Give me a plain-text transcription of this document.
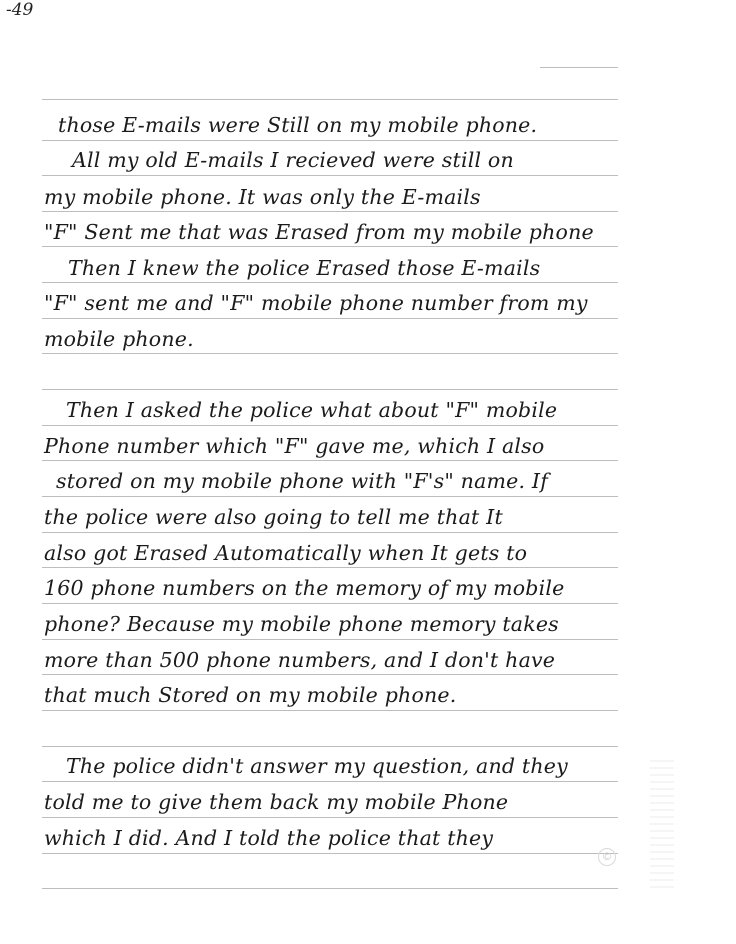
-49
those E-mails were Still on my mobile phone.
All my old E-mails I recieved were still on
my mobile phone. It was only the E-mails
"F" Sent me that was Erased from my mobile phone
Then I knew the police Erased those E-mails
"F" sent me and "F" mobile phone number from my
mobile phone.
Then I asked the police what about "F" mobile
Phone number which "F" gave me, which I also
stored on my mobile phone with "F's" name. If
the police were also going to tell me that It
also got Erased Automatically when It gets to
160 phone numbers on the memory of my mobile
phone? Because my mobile phone memory takes
more than 500 phone numbers, and I don't have
that much Stored on my mobile phone.
The police didn't answer my question, and they
told me to give them back my mobile Phone
which I did. And I told the police that they
©
